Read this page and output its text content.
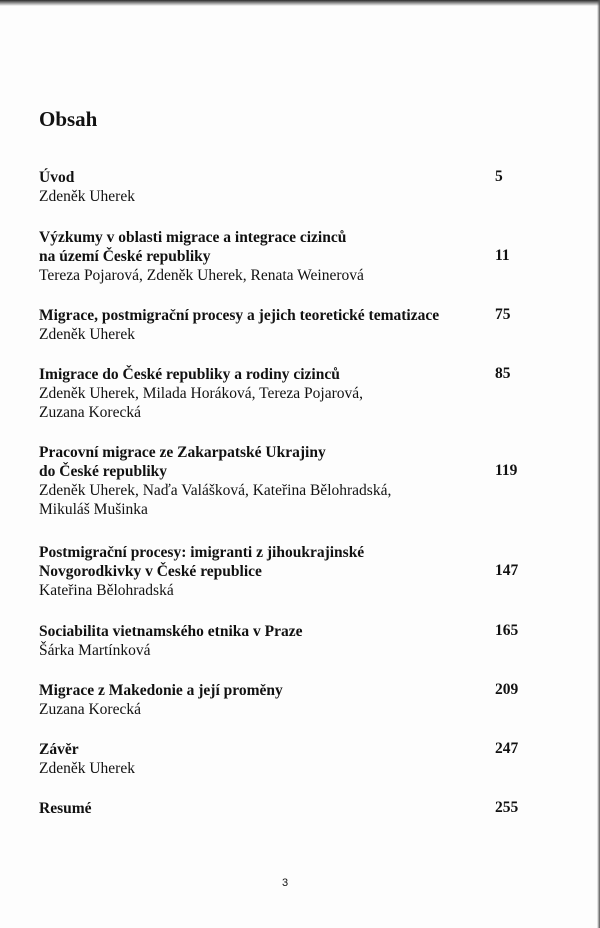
Obsah

Úvod

Zdeněk Uherek

5

Výzkumy v oblasti migrace a integrace cizinců
na území České republiky

Tereza Pojarová, Zdeněk Uherek, Renata Weinerová

11

Migrace, postmigrační procesy a jejich teoretické tematizace

Zdeněk Uherek

75

Imigrace do České republiky a rodiny cizinců

Zdeněk Uherek, Milada Horáková, Tereza Pojarová,
Zuzana Korecká

85

Pracovní migrace ze Zakarpatské Ukrajiny
do České republiky

Zdeněk Uherek, Naďa Valášková, Kateřina Bělohradská,
Mikuláš Mušinka

119

Postmigrační procesy: imigranti z jihoukrajinské
Novgorodkivky v České republice

Kateřina Bělohradská

147

Sociabilita vietnamského etnika v Praze

Šárka Martínková

165

Migrace z Makedonie a její proměny

Zuzana Korecká

209

Závěr

Zdeněk Uherek

247

Resumé	255
3
